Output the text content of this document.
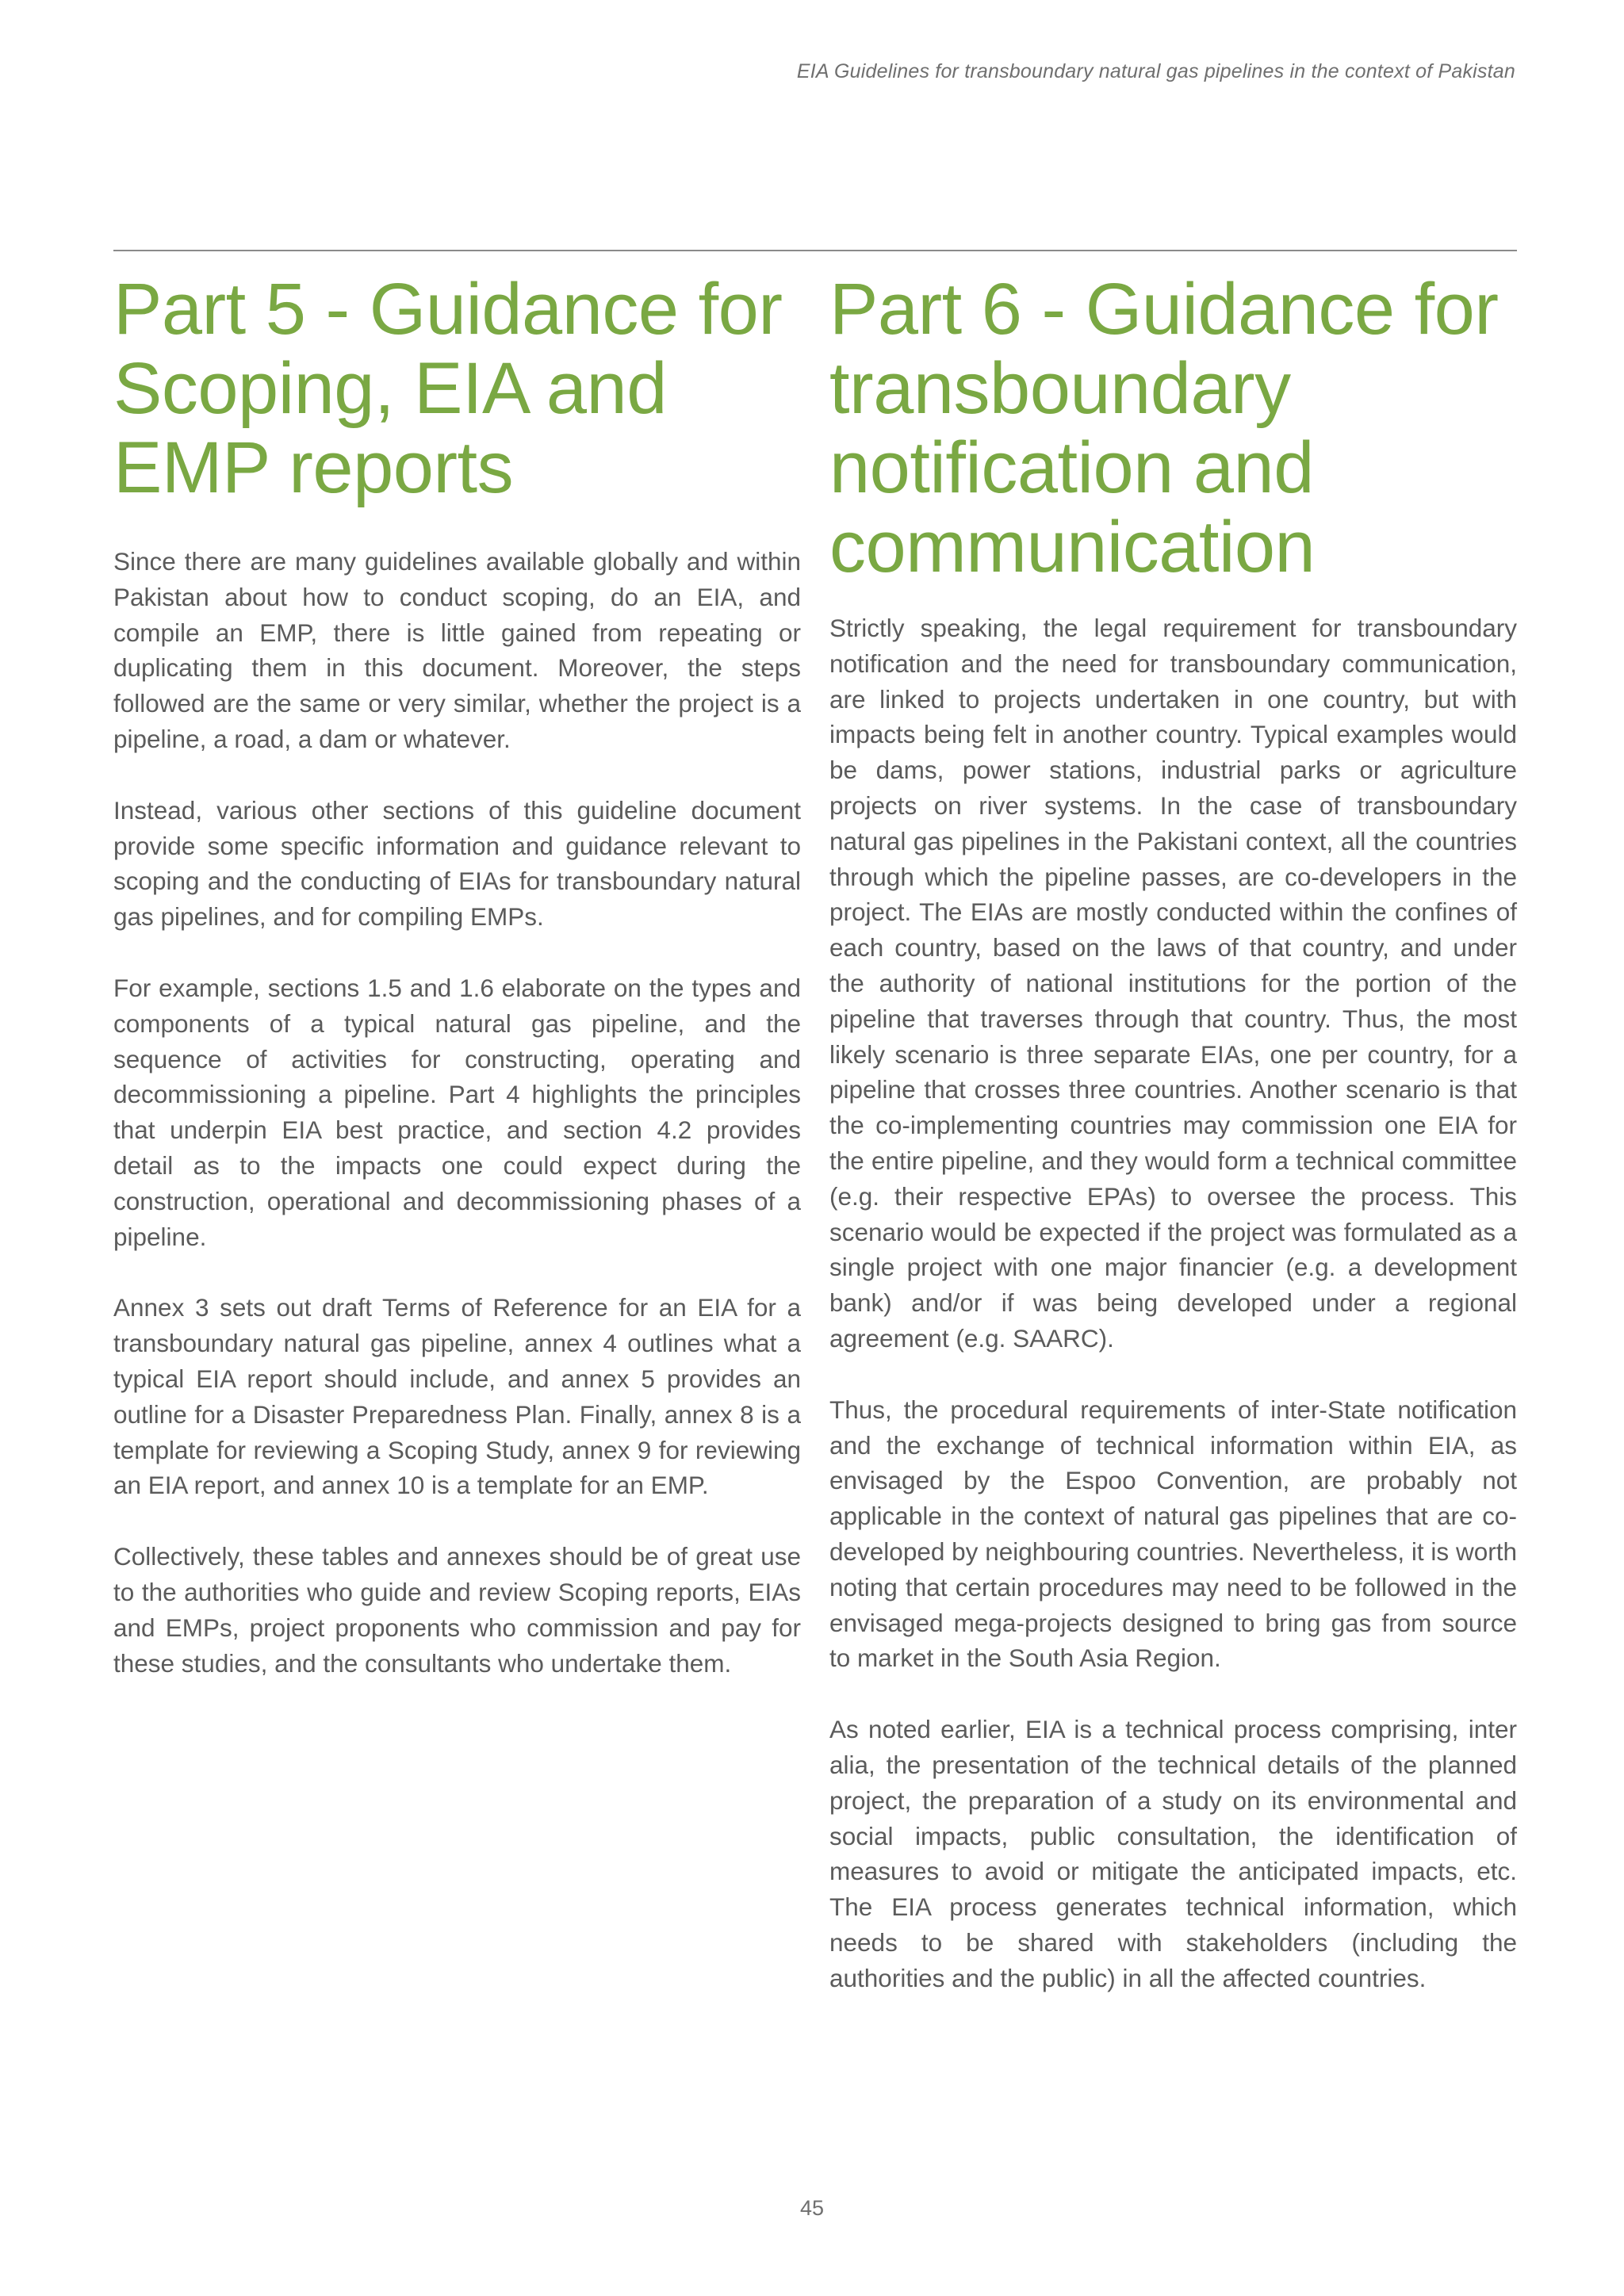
EIA Guidelines for transboundary natural gas pipelines in the context of Pakistan
Part 5 - Guidance for Scoping, EIA and EMP reports

Since there are many guidelines available globally and within Pakistan about how to conduct scoping, do an EIA, and compile an EMP, there is little gained from repeating or duplicating them in this document. Moreover, the steps followed are the same or very similar, whether the project is a pipeline, a road, a dam or whatever.

Instead, various other sections of this guideline document provide some specific information and guidance relevant to scoping and the conducting of EIAs for transboundary natural gas pipelines, and for compiling EMPs.

For example, sections 1.5 and 1.6 elaborate on the types and components of a typical natural gas pipeline, and the sequence of activities for constructing, operating and decommissioning a pipeline. Part 4 highlights the principles that underpin EIA best practice, and section 4.2 provides detail as to the impacts one could expect during the construction, operational and decommissioning phases of a pipeline.

Annex 3 sets out draft Terms of Reference for an EIA for a transboundary natural gas pipeline, annex 4 outlines what a typical EIA report should include, and annex 5 provides an outline for a Disaster Preparedness Plan. Finally, annex 8 is a template for reviewing a Scoping Study, annex 9 for reviewing an EIA report, and annex 10 is a template for an EMP.

Collectively, these tables and annexes should be of great use to the authorities who guide and review Scoping reports, EIAs and EMPs, project proponents who commission and pay for these studies, and the consultants who undertake them.

Part 6 - Guidance for transboundary notification and communication

Strictly speaking, the legal requirement for transboundary notification and the need for transboundary communication, are linked to projects undertaken in one country, but with impacts being felt in another country. Typical examples would be dams, power stations, industrial parks or agriculture projects on river systems. In the case of transboundary natural gas pipelines in the Pakistani context, all the countries through which the pipeline passes, are co-developers in the project. The EIAs are mostly conducted within the confines of each country, based on the laws of that country, and under the authority of national institutions for the portion of the pipeline that traverses through that country. Thus, the most likely scenario is three separate EIAs, one per country, for a pipeline that crosses three countries. Another scenario is that the co-implementing countries may commission one EIA for the entire pipeline, and they would form a technical committee (e.g. their respective EPAs) to oversee the process. This scenario would be expected if the project was formulated as a single project with one major financier (e.g. a development bank) and/or if was being developed under a regional agreement (e.g. SAARC).

Thus, the procedural requirements of inter-State notification and the exchange of technical information within EIA, as envisaged by the Espoo Convention, are probably not applicable in the context of natural gas pipelines that are co-developed by neighbouring countries. Nevertheless, it is worth noting that certain procedures may need to be followed in the envisaged mega-projects designed to bring gas from source to market in the South Asia Region.

As noted earlier, EIA is a technical process comprising, inter alia, the presentation of the technical details of the planned project, the preparation of a study on its environmental and social impacts, public consultation, the identification of measures to avoid or mitigate the anticipated impacts, etc. The EIA process generates technical information, which needs to be shared with stakeholders (including the authorities and the public) in all the affected countries.

45
